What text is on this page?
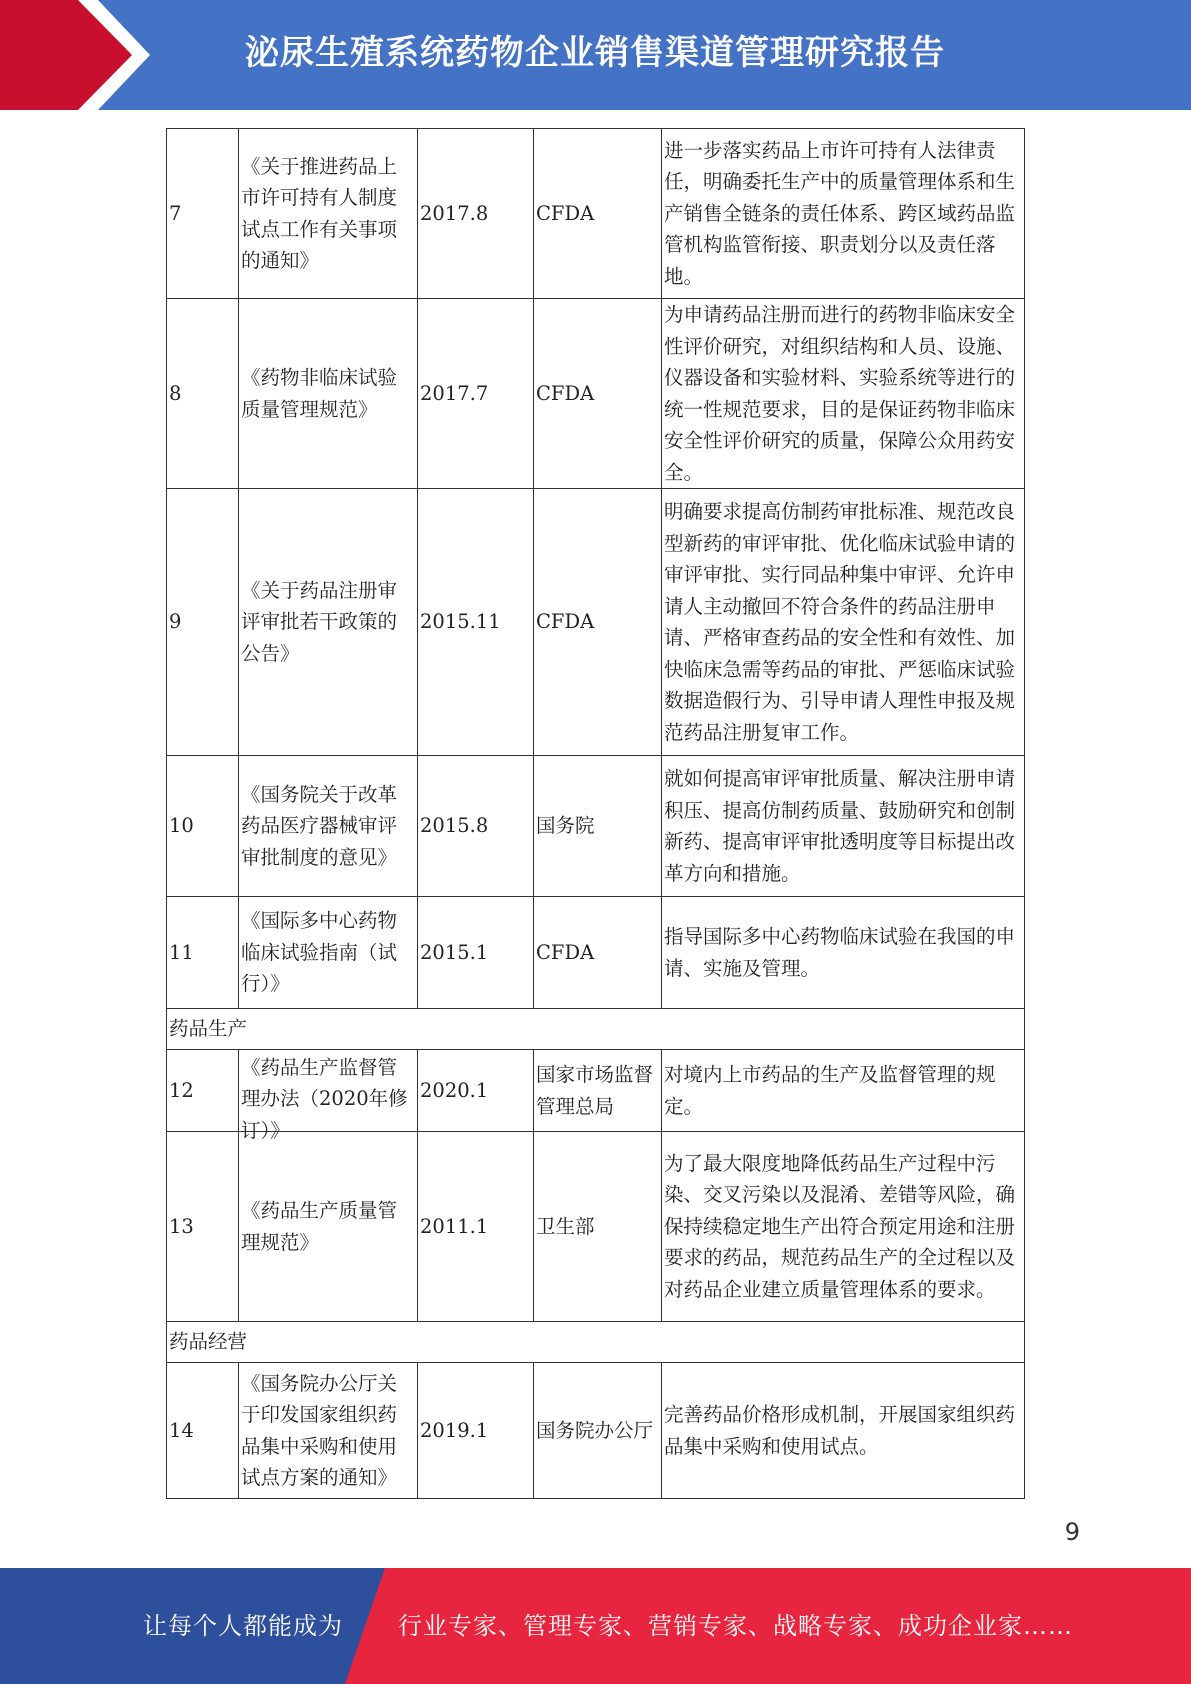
泌尿生殖系统药物企业销售渠道管理研究报告
7	《关于推进药品上市许可持有人制度试点工作有关事项的通知》	2017.8	CFDA	进一步落实药品上市许可持有人法律责任，明确委托生产中的质量管理体系和生产销售全链条的责任体系、跨区域药品监管机构监管衔接、职责划分以及责任落地。
8	《药物非临床试验质量管理规范》	2017.7	CFDA	为申请药品注册而进行的药物非临床安全性评价研究，对组织结构和人员、设施、仪器设备和实验材料、实验系统等进行的统一性规范要求，目的是保证药物非临床安全性评价研究的质量，保障公众用药安全。
9	《关于药品注册审评审批若干政策的公告》	2015.11	CFDA	明确要求提高仿制药审批标准、规范改良型新药的审评审批、优化临床试验申请的审评审批、实行同品种集中审评、允许申请人主动撤回不符合条件的药品注册申请、严格审查药品的安全性和有效性、加快临床急需等药品的审批、严惩临床试验数据造假行为、引导申请人理性申报及规范药品注册复审工作。
10	《国务院关于改革药品医疗器械审评审批制度的意见》	2015.8	国务院	就如何提高审评审批质量、解决注册申请积压、提高仿制药质量、鼓励研究和创制新药、提高审评审批透明度等目标提出改革方向和措施。
11	《国际多中心药物临床试验指南（试行）》	2015.1	CFDA	指导国际多中心药物临床试验在我国的申请、实施及管理。
药品生产				
12	《药品生产监督管理办法（2020年修订）》	2020.1	国家市场监督管理总局	对境内上市药品的生产及监督管理的规定。
13	《药品生产质量管理规范》	2011.1	卫生部	为了最大限度地降低药品生产过程中污染、交叉污染以及混淆、差错等风险，确保持续稳定地生产出符合预定用途和注册要求的药品，规范药品生产的全过程以及对药品企业建立质量管理体系的要求。
药品经营				
14	《国务院办公厅关于印发国家组织药品集中采购和使用试点方案的通知》	2019.1	国务院办公厅	完善药品价格形成机制，开展国家组织药品集中采购和使用试点。
9
让每个人都能成为 行业专家、管理专家、营销专家、战略专家、成功企业家……
